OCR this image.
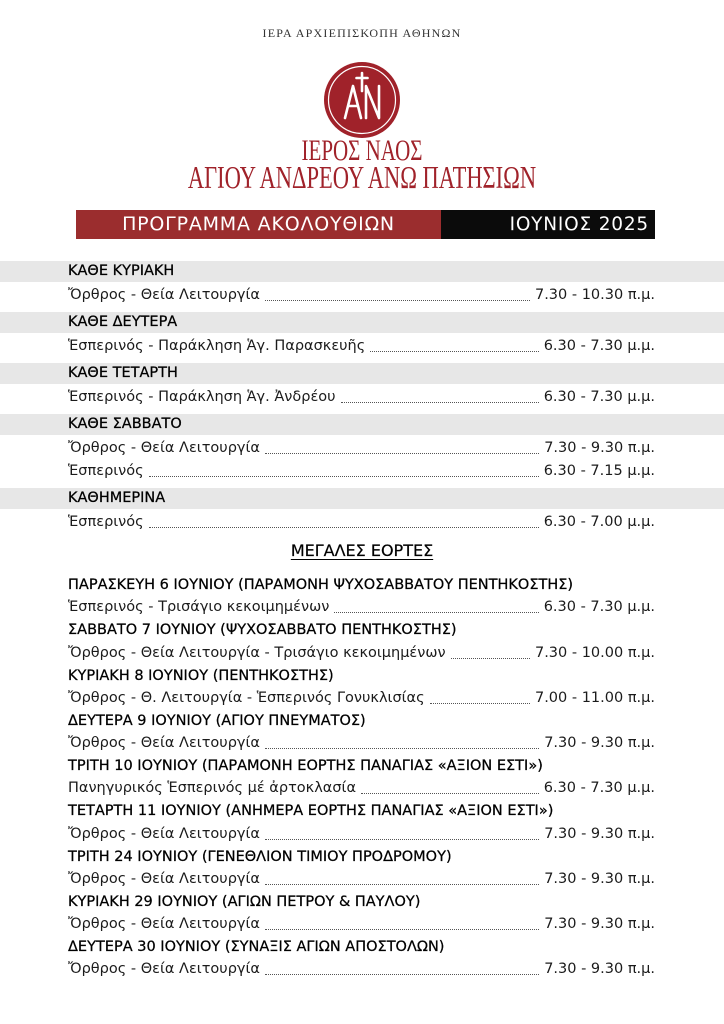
ΙΕΡΑ ΑΡΧΙΕΠΙΣΚΟΠΗ ΑΘΗΝΩΝ
ΙΕΡΟΣ ΝΑΟΣ
ΑΓΙΟΥ ΑΝΔΡΕΟΥ ΑΝΩ ΠΑΤΗΣΙΩΝ
ΠΡΟΓΡΑΜΜΑ ΑΚΟΛΟΥΘΙΩΝ	ΙΟΥΝΙΟΣ 2025
ΚΑΘΕ ΚΥΡΙΑΚΗ
Ὄρθρος - Θεία Λειτουργία	7.30 - 10.30 π.μ.
ΚΑΘΕ ΔΕΥΤΕΡΑ
Ἑσπερινός - Παράκληση Ἁγ. Παρασκευῆς	6.30 - 7.30 μ.μ.
ΚΑΘΕ ΤΕΤΑΡΤΗ
Ἑσπερινός - Παράκληση Ἁγ. Ἀνδρέου	6.30 - 7.30 μ.μ.
ΚΑΘΕ ΣΑΒΒΑΤΟ
Ὄρθρος - Θεία Λειτουργία	7.30 - 9.30 π.μ.
Ἑσπερινός	6.30 - 7.15 μ.μ.
ΚΑΘΗΜΕΡΙΝΑ
Ἑσπερινός	6.30 - 7.00 μ.μ.
ΜΕΓΑΛΕΣ ΕΟΡΤΕΣ
ΠΑΡΑΣΚΕΥΗ 6 ΙΟΥΝΙΟΥ (ΠΑΡΑΜΟΝΗ ΨΥΧΟΣΑΒΒΑΤΟΥ ΠΕΝΤΗΚΟΣΤΗΣ)
Ἑσπερινός - Τρισάγιο κεκοιμημένων	6.30 - 7.30 μ.μ.
ΣΑΒΒΑΤΟ 7 ΙΟΥΝΙΟΥ (ΨΥΧΟΣΑΒΒΑΤΟ ΠΕΝΤΗΚΟΣΤΗΣ)
Ὄρθρος - Θεία Λειτουργία - Τρισάγιο κεκοιμημένων	7.30 - 10.00 π.μ.
ΚΥΡΙΑΚΗ 8 ΙΟΥΝΙΟΥ (ΠΕΝΤΗΚΟΣΤΗΣ)
Ὄρθρος - Θ. Λειτουργία - Ἑσπερινός Γονυκλισίας	7.00 - 11.00 π.μ.
ΔΕΥΤΕΡΑ 9 ΙΟΥΝΙΟΥ (ΑΓΙΟΥ ΠΝΕΥΜΑΤΟΣ)
Ὄρθρος - Θεία Λειτουργία	7.30 - 9.30 π.μ.
ΤΡΙΤΗ 10 ΙΟΥΝΙΟΥ (ΠΑΡΑΜΟΝΗ ΕΟΡΤΗΣ ΠΑΝΑΓΙΑΣ «ΑΞΙΟΝ ΕΣΤΙ»)
Πανηγυρικός Ἑσπερινός μέ ἀρτοκλασία	6.30 - 7.30 μ.μ.
ΤΕΤΑΡΤΗ 11 ΙΟΥΝΙΟΥ (ΑΝΗΜΕΡΑ ΕΟΡΤΗΣ ΠΑΝΑΓΙΑΣ «ΑΞΙΟΝ ΕΣΤΙ»)
Ὄρθρος - Θεία Λειτουργία	7.30 - 9.30 π.μ.
ΤΡΙΤΗ 24 ΙΟΥΝΙΟΥ (ΓΕΝΕΘΛΙΟΝ ΤΙΜΙΟΥ ΠΡΟΔΡΟΜΟΥ)
Ὄρθρος - Θεία Λειτουργία	7.30 - 9.30 π.μ.
ΚΥΡΙΑΚΗ 29 ΙΟΥΝΙΟΥ (ΑΓΙΩΝ ΠΕΤΡΟΥ & ΠΑΥΛΟΥ)
Ὄρθρος - Θεία Λειτουργία	7.30 - 9.30 π.μ.
ΔΕΥΤΕΡΑ 30 ΙΟΥΝΙΟΥ (ΣΥΝΑΞΙΣ ΑΓΙΩΝ ΑΠΟΣΤΟΛΩΝ)
Ὄρθρος - Θεία Λειτουργία	7.30 - 9.30 π.μ.
